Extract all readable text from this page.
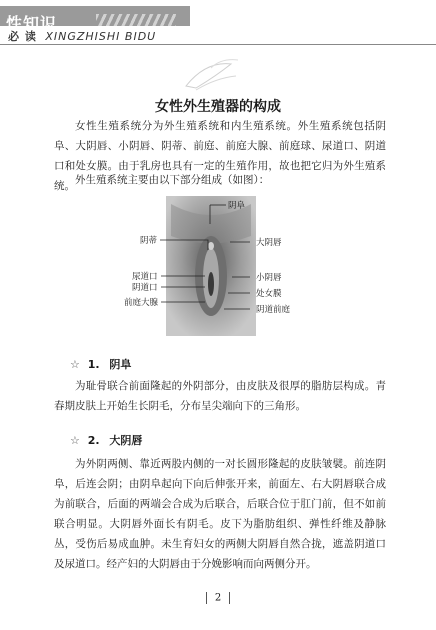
性知识
必 读 XINGZHISHI BIDU
女性外生殖器的构成

女性生殖系统分为外生殖系统和内生殖系统。外生殖系统包括阴阜、大阴唇、小阴唇、阴蒂、前庭、前庭大腺、前庭球、尿道口、阴道口和处女膜。由于乳房也具有一定的生殖作用，故也把它归为外生殖系统。 外生殖系统主要由以下部分组成（如图）：

阴阜
大阴唇
小阴唇
处女膜
阴道前庭
阴蒂
尿道口
阴道口
前庭大腺
☆ 1. 阴阜

为耻骨联合前面隆起的外阴部分，由皮肤及很厚的脂肪层构成。青春期皮肤上开始生长阴毛，分布呈尖端向下的三角形。

☆ 2. 大阴唇

为外阴两侧、靠近两股内侧的一对长圆形隆起的皮肤皱襞。前连阴阜，后连会阴；由阴阜起向下向后伸张开来，前面左、右大阴唇联合成为前联合，后面的两端会合成为后联合，后联合位于肛门前，但不如前联合明显。大阴唇外面长有阴毛。皮下为脂肪组织、弹性纤维及静脉丛，受伤后易成血肿。未生育妇女的两侧大阴唇自然合拢，遮盖阴道口及尿道口。经产妇的大阴唇由于分娩影响而向两侧分开。

2
